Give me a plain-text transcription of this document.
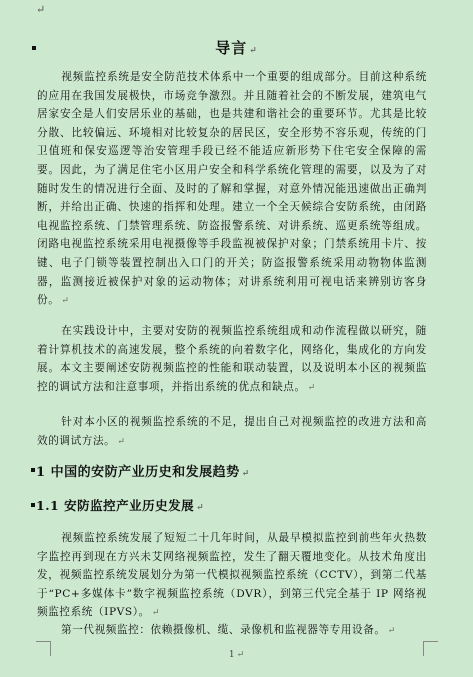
↵
导言 ↵

视频监控系统是安全防范技术体系中一个重要的组成部分。目前这种系统的应用在我国发展极快，市场竞争激烈。并且随着社会的不断发展，建筑电气居家安全是人们安居乐业的基础，也是共建和谐社会的重要环节。尤其是比较分散、比较偏远、环境相对比较复杂的居民区，安全形势不容乐观，传统的门卫值班和保安巡逻等治安管理手段已经不能适应新形势下住宅安全保障的需要。因此，为了满足住宅小区用户安全和科学系统化管理的需要，以及为了对随时发生的情况进行全面、及时的了解和掌握，对意外情况能迅速做出正确判断，并给出正确、快速的指挥和处理。建立一个全天候综合安防系统，由闭路电视监控系统、门禁管理系统、防盗报警系统、对讲系统、巡更系统等组成。闭路电视监控系统采用电视摄像等手段监视被保护对象；门禁系统用卡片、按键、电子门锁等装置控制出入口门的开关；防盗报警系统采用动物物体监测器，监测接近被保护对象的运动物体；对讲系统利用可视电话来辨别访客身份。 ↵

在实践设计中，主要对安防的视频监控系统组成和动作流程做以研究，随着计算机技术的高速发展，整个系统的向着数字化，网络化，集成化的方向发展。本文主要阐述安防视频监控的性能和联动装置，以及说明本小区的视频监控的调试方法和注意事项，并指出系统的优点和缺点。 ↵

针对本小区的视频监控系统的不足，提出自己对视频监控的改进方法和高效的调试方法。 ↵

1 中国的安防产业历史和发展趋势 ↵
1.1 安防监控产业历史发展 ↵

视频监控系统发展了短短二十几年时间，从最早模拟监控到前些年火热数字监控再到现在方兴未艾网络视频监控，发生了翻天覆地变化。从技术角度出发，视频监控系统发展划分为第一代模拟视频监控系统（CCTV），到第二代基于“PC+多媒体卡”数字视频监控系统（DVR），到第三代完全基于 IP 网络视频监控系统（IPVS）。 ↵

第一代视频监控：依赖摄像机、缆、录像机和监视器等专用设备。 ↵

1 ↵
